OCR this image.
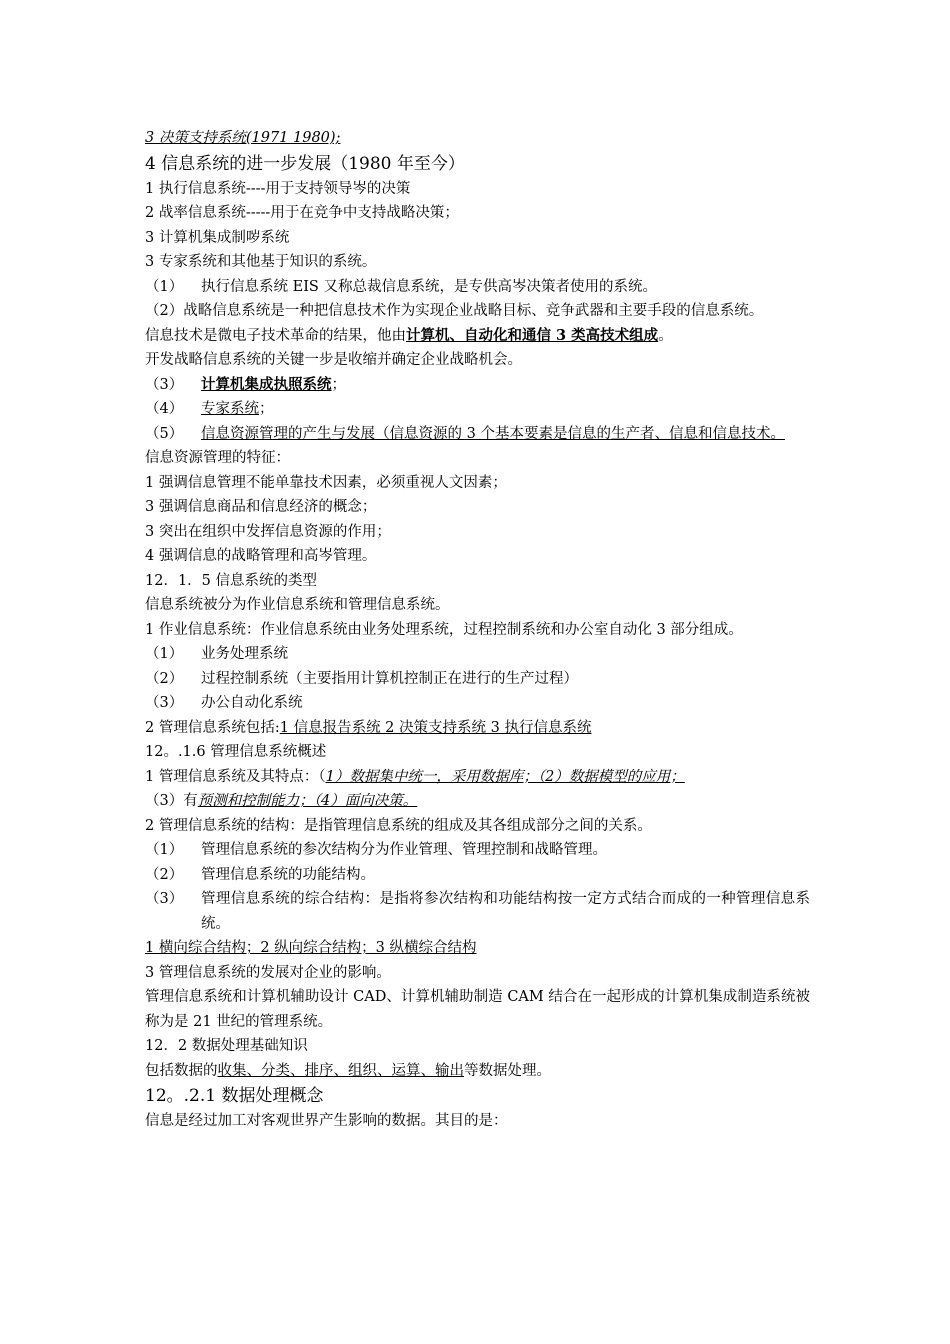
3 决策支持系统(1971 1980);
4 信息系统的进一步发展（1980 年至今）
1 执行信息系统----用于支持领导岑的决策
2 战率信息系统-----用于在竞争中支持战略决策；
3 计算机集成制哕系统
3 专家系统和其他基于知识的系统。
（1）	执行信息系统 EIS 又称总裁信息系统，是专供高岑决策者使用的系统。
（2）战略信息系统是一种把信息技术作为实现企业战略目标、竞争武器和主要手段的信息系统。
信息技术是微电子技术革命的结果，他由计算机、自动化和通信 3 类高技术组成。
开发战略信息系统的关键一步是收缩并确定企业战略机会。
（3）	计算机集成执照系统；
（4）	专家系统；
（5）	信息资源管理的产生与发展（信息资源的 3 个基本要素是信息的生产者、信息和信息技术。
信息资源管理的特征：
1 强调信息管理不能单靠技术因素，必须重视人文因素；
3 强调信息商品和信息经济的概念；
3 突出在组织中发挥信息资源的作用；
4 强调信息的战略管理和高岑管理。
12．1．5 信息系统的类型
信息系统被分为作业信息系统和管理信息系统。
1 作业信息系统：作业信息系统由业务处理系统，过程控制系统和办公室自动化 3 部分组成。
（1）	业务处理系统
（2）	过程控制系统（主要指用计算机控制正在进行的生产过程）
（3）	办公自动化系统
2 管理信息系统包括:1 信息报告系统 2 决策支持系统 3 执行信息系统
12。.1.6 管理信息系统概述
1 管理信息系统及其特点：（1）数据集中统一，采用数据库；（2）数据模型的应用；
（3）有预测和控制能力；（4）面向决策。
2 管理信息系统的结构：是指管理信息系统的组成及其各组成部分之间的关系。
（1）	管理信息系统的参次结构分为作业管理、管理控制和战略管理。
（2）	管理信息系统的功能结构。
（3）	管理信息系统的综合结构：是指将参次结构和功能结构按一定方式结合而成的一种管理信息系统。
1 横向综合结构；2 纵向综合结构；3 纵横综合结构
3 管理信息系统的发展对企业的影响。
管理信息系统和计算机辅助设计 CAD、计算机辅助制造 CAM 结合在一起形成的计算机集成制造系统被称为是 21 世纪的管理系统。
12．2 数据处理基础知识
包括数据的收集、分类、排序、组织、运算、输出等数据处理。
12。.2.1 数据处理概念
信息是经过加工对客观世界产生影响的数据。其目的是：
